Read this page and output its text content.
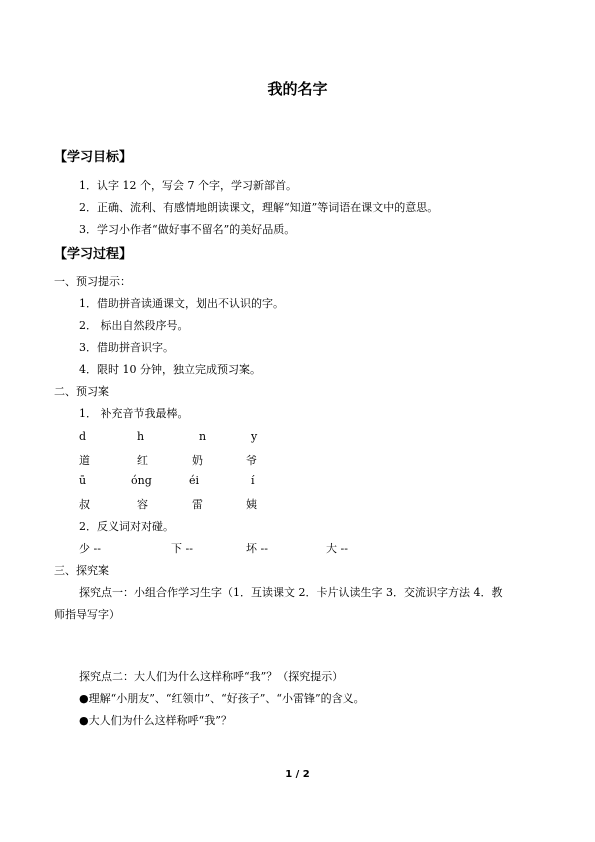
我的名字
【学习目标】
1．认字 12 个，写会 7 个字，学习新部首。
2．正确、流利、有感情地朗读课文，理解“知道”等词语在课文中的意思。
3．学习小作者“做好事不留名”的美好品质。
【学习过程】
一、预习提示：
1．借助拼音读通课文，划出不认识的字。
2． 标出自然段序号。
3．借助拼音识字。
4．限时 10 分钟，独立完成预习案。
二、预习案
1． 补充音节我最棒。
d	h	n	y
道	红	奶	爷
ū	óng	éi	í
叔	容	雷	姨
2．反义词对对碰。
少 --	下 --	坏 --	大 --
三、探究案
探究点一：小组合作学习生字（1．互读课文 2．卡片认读生字 3．交流识字方法 4．教
师指导写字）
探究点二：大人们为什么这样称呼“我”？（探究提示）
●理解“小朋友”、“红领巾”、“好孩子”、“小雷锋”的含义。
●大人们为什么这样称呼“我”？
1 / 2
